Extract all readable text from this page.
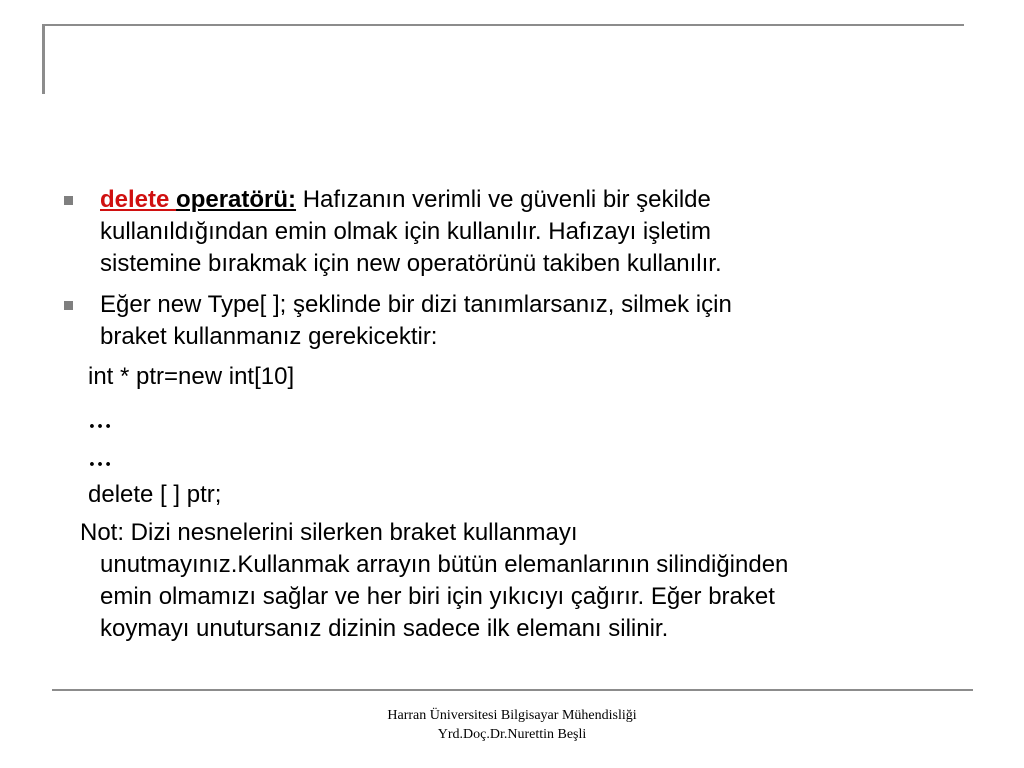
delete operatörü: Hafızanın verimli ve güvenli bir şekilde
kullanıldığından emin olmak için kullanılır. Hafızayı işletim
sistemine bırakmak için new operatörünü takiben kullanılır.
Eğer new Type[ ]; şeklinde bir dizi tanımlarsanız, silmek için
braket kullanmanız gerekicektir:
int * ptr=new int[10]
…
…
delete [ ] ptr;
Not: Dizi nesnelerini silerken braket kullanmayı
unutmayınız.Kullanmak arrayın bütün elemanlarının silindiğinden
emin olmamızı sağlar ve her biri için yıkıcıyı çağırır. Eğer braket
koymayı unutursanız dizinin sadece ilk elemanı silinir.
Harran Üniversitesi Bilgisayar Mühendisliği
Yrd.Doç.Dr.Nurettin Beşli
